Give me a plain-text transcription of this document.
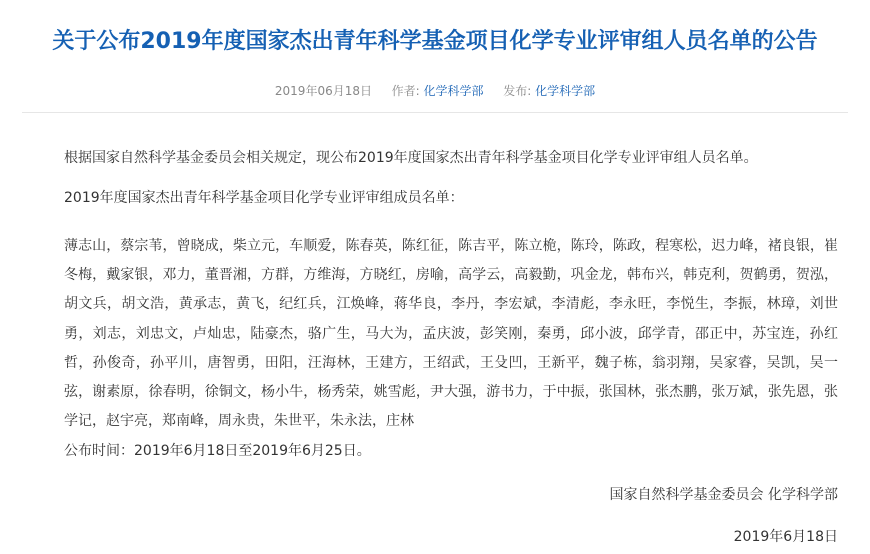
关于公布2019年度国家杰出青年科学基金项目化学专业评审组人员名单的公告
2019年06月18日 作者: 化学科学部 发布: 化学科学部
根据国家自然科学基金委员会相关规定，现公布2019年度国家杰出青年科学基金项目化学专业评审组人员名单。
2019年度国家杰出青年科学基金项目化学专业评审组成员名单：
薄志山，蔡宗苇，曾晓成，柴立元，车顺爱，陈春英，陈红征，陈吉平，陈立桅，陈玲，陈政，程寒松，迟力峰，褚良银，崔冬梅，戴家银，邓力，董晋湘，方群，方维海，方晓红，房喻，高学云，高毅勤，巩金龙，韩布兴，韩克利，贺鹤勇，贺泓，胡文兵，胡文浩，黄承志，黄飞，纪红兵，江焕峰，蒋华良，李丹，李宏斌，李清彪，李永旺，李悦生，李振，林璋，刘世勇，刘志，刘忠文，卢灿忠，陆豪杰，骆广生，马大为，孟庆波，彭笑刚，秦勇，邱小波，邱学青，邵正中，苏宝连，孙红哲，孙俊奇，孙平川，唐智勇，田阳，汪海林，王建方，王绍武，王殳凹，王新平，魏子栋，翁羽翔，吴家睿，吴凯，吴一弦，谢素原，徐春明，徐铜文，杨小牛，杨秀荣，姚雪彪，尹大强，游书力，于中振，张国林，张杰鹏，张万斌，张先恩，张学记，赵宇亮，郑南峰，周永贵，朱世平，朱永法，庄林
公布时间：2019年6月18日至2019年6月25日。
国家自然科学基金委员会 化学科学部
2019年6月18日
